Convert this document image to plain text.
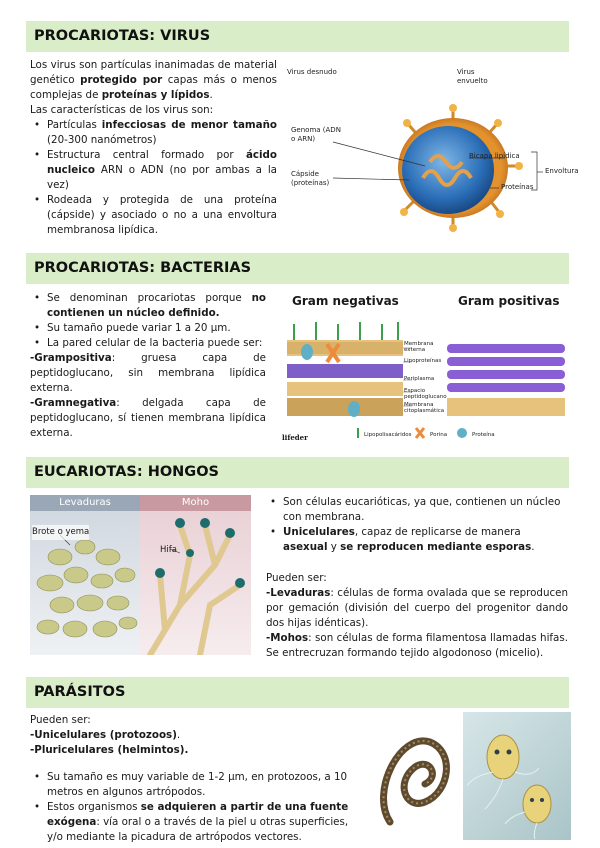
PROCARIOTAS: VIRUS

Los virus son partículas inanimadas de material genético protegido por capas más o menos complejas de proteínas y lípidos.

Las características de los virus son:

• Partículas infecciosas de menor tamaño (20-300 nanómetros)
• Estructura central formado por ácido nucleico ARN o ADN (no por ambas a la vez)
• Rodeada y protegida de una proteína (cápside) y asociado o no a una envoltura membranosa lipídica.
Virus desnudo	Virus envuelto
Genoma (ADN o ARN)
Cápside (proteínas)
Bicapa lipídica
Proteínas
Envoltura
PROCARIOTAS: BACTERIAS
• Se denominan procariotas porque no contienen un núcleo definido.
• Su tamaño puede variar 1 a 20 µm.
• La pared celular de la bacteria puede ser:

-Grampositiva: gruesa capa de peptidoglucano, sin membrana lipídica externa.

-Gramnegativa: delgada capa de peptidoglucano, sí tienen membrana lipídica externa.

Gram negativas	Gram positivas
Membrana externa
Lipoproteínas
Periplasma
Espacio peptidoglucano
Membrana citoplasmática
Lipopolisacáridos	Porina	Proteína
lifeder
EUCARIOTAS: HONGOS
Levaduras	Moho
Brote o yema
Hifa
• Son células eucarióticas, ya que, contienen un núcleo con membrana.
• Unicelulares, capaz de replicarse de manera asexual y se reproducen mediante esporas.

Pueden ser:

-Levaduras: células de forma ovalada que se reproducen por gemación (división del cuerpo del progenitor dando dos hijas idénticas).

-Mohos: son células de forma filamentosa llamadas hifas. Se entrecruzan formando tejido algodonoso (micelio).

PARÁSITOS

Pueden ser:

-Unicelulares (protozoos).

-Pluricelulares (helmintos).

• Su tamaño es muy variable de 1-2 µm, en protozoos, a 10 metros en algunos artrópodos.
• Estos organismos se adquieren a partir de una fuente exógena: vía oral o a través de la piel u otras superficies, y/o mediante la picadura de artrópodos vectores.
